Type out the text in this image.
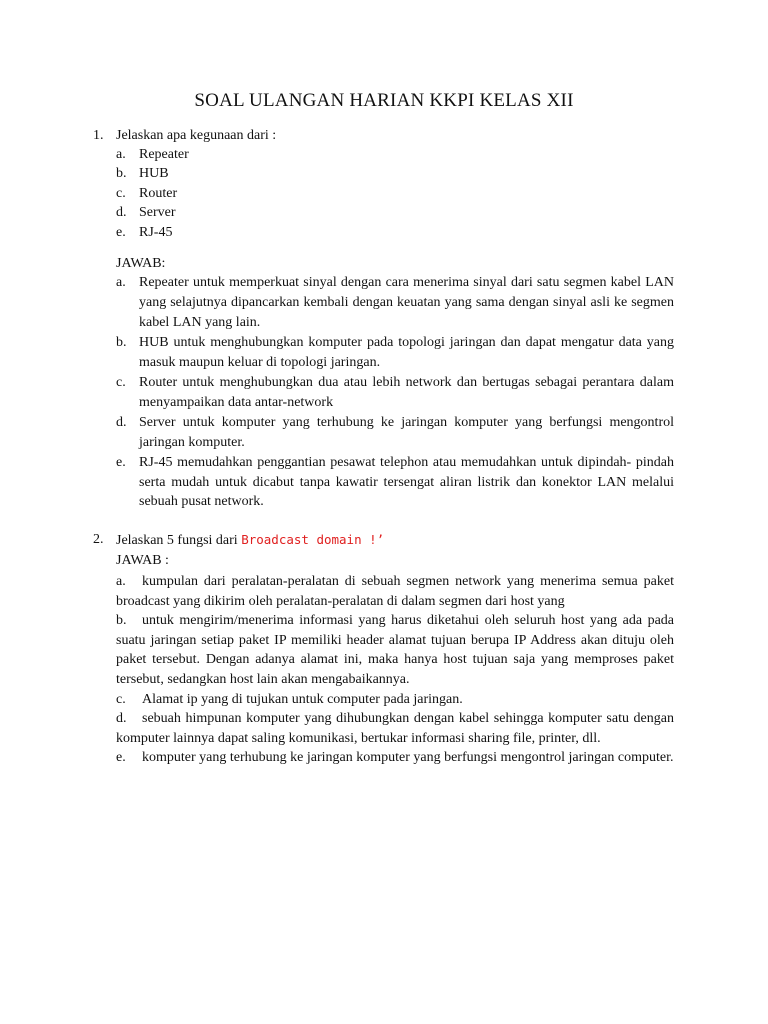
SOAL ULANGAN HARIAN KKPI KELAS XII
1. Jelaskan apa kegunaan dari :
a. Repeater
b. HUB
c. Router
d. Server
e. RJ-45
JAWAB:
a. Repeater untuk memperkuat sinyal dengan cara menerima sinyal dari satu segmen kabel LAN yang selajutnya dipancarkan kembali dengan keuatan yang sama dengan sinyal asli ke segmen kabel LAN yang lain.
b. HUB untuk menghubungkan komputer pada topologi jaringan dan dapat mengatur data yang masuk maupun keluar di topologi jaringan.
c. Router untuk menghubungkan dua atau lebih network dan bertugas sebagai perantara dalam menyampaikan data antar-network
d. Server untuk komputer yang terhubung ke jaringan komputer yang berfungsi mengontrol jaringan komputer.
e. RJ-45 memudahkan penggantian pesawat telephon atau memudahkan untuk dipindah- pindah serta mudah untuk dicabut tanpa kawatir tersengat aliran listrik dan konektor LAN melalui sebuah pusat network.
2. Jelaskan 5 fungsi dari Broadcast domain !’
JAWAB :

a. kumpulan dari peralatan-peralatan di sebuah segmen network yang menerima semua paket broadcast yang dikirim oleh peralatan-peralatan di dalam segmen dari host yang

b. untuk mengirim/menerima informasi yang harus diketahui oleh seluruh host yang ada pada suatu jaringan setiap paket IP memiliki header alamat tujuan berupa IP Address akan dituju oleh paket tersebut. Dengan adanya alamat ini, maka hanya host tujuan saja yang memproses paket tersebut, sedangkan host lain akan mengabaikannya.

c. Alamat ip yang di tujukan untuk computer pada jaringan.

d. sebuah himpunan komputer yang dihubungkan dengan kabel sehingga komputer satu dengan komputer lainnya dapat saling komunikasi, bertukar informasi sharing file, printer, dll.

e. komputer yang terhubung ke jaringan komputer yang berfungsi mengontrol jaringan computer.
